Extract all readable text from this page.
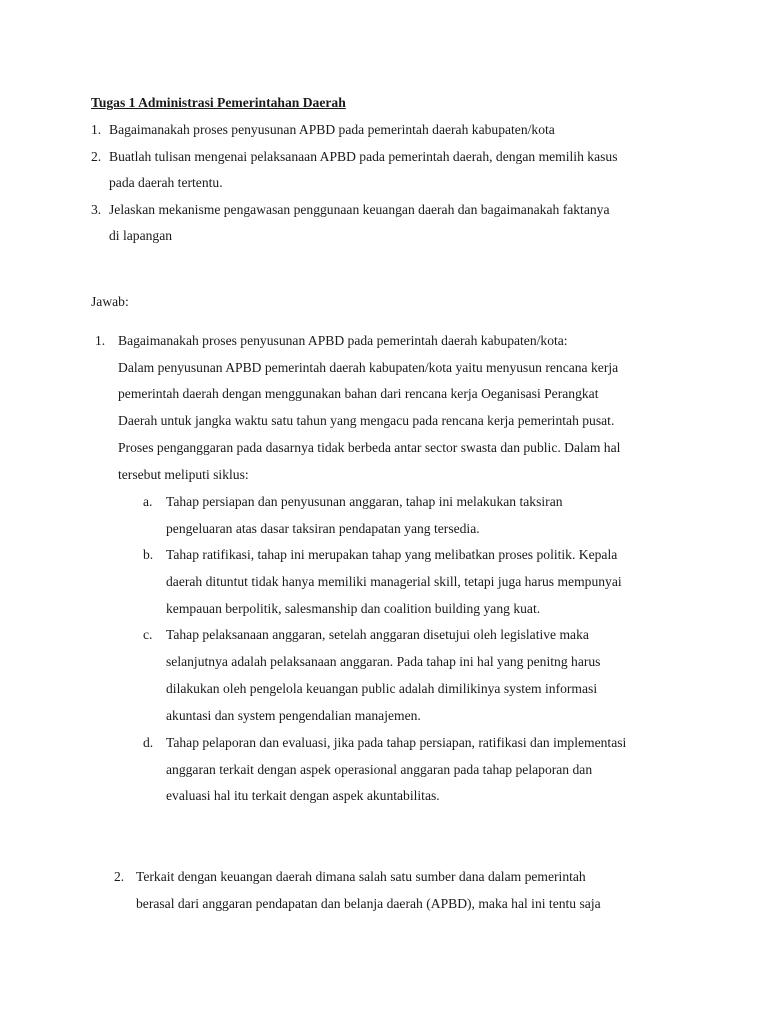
Tugas 1 Administrasi Pemerintahan Daerah
1. Bagaimanakah proses penyusunan APBD pada pemerintah daerah kabupaten/kota
2. Buatlah tulisan mengenai pelaksanaan APBD pada pemerintah daerah, dengan memilih kasus
pada daerah tertentu.
3. Jelaskan mekanisme pengawasan penggunaan keuangan daerah dan bagaimanakah faktanya
di lapangan
Jawab:
1. Bagaimanakah proses penyusunan APBD pada pemerintah daerah kabupaten/kota:
Dalam penyusunan APBD pemerintah daerah kabupaten/kota yaitu menyusun rencana kerja
pemerintah daerah dengan menggunakan bahan dari rencana kerja Oeganisasi Perangkat
Daerah untuk jangka waktu satu tahun yang mengacu pada rencana kerja pemerintah pusat.
Proses penganggaran pada dasarnya tidak berbeda antar sector swasta dan public. Dalam hal
tersebut meliputi siklus:
a. Tahap persiapan dan penyusunan anggaran, tahap ini melakukan taksiran
pengeluaran atas dasar taksiran pendapatan yang tersedia.
b. Tahap ratifikasi, tahap ini merupakan tahap yang melibatkan proses politik. Kepala
daerah dituntut tidak hanya memiliki managerial skill, tetapi juga harus mempunyai
kempauan berpolitik, salesmanship dan coalition building yang kuat.
c. Tahap pelaksanaan anggaran, setelah anggaran disetujui oleh legislative maka
selanjutnya adalah pelaksanaan anggaran. Pada tahap ini hal yang penitng harus
dilakukan oleh pengelola keuangan public adalah dimilikinya system informasi
akuntasi dan system pengendalian manajemen.
d. Tahap pelaporan dan evaluasi, jika pada tahap persiapan, ratifikasi dan implementasi
anggaran terkait dengan aspek operasional anggaran pada tahap pelaporan dan
evaluasi hal itu terkait dengan aspek akuntabilitas.
2. Terkait dengan keuangan daerah dimana salah satu sumber dana dalam pemerintah
berasal dari anggaran pendapatan dan belanja daerah (APBD), maka hal ini tentu saja
